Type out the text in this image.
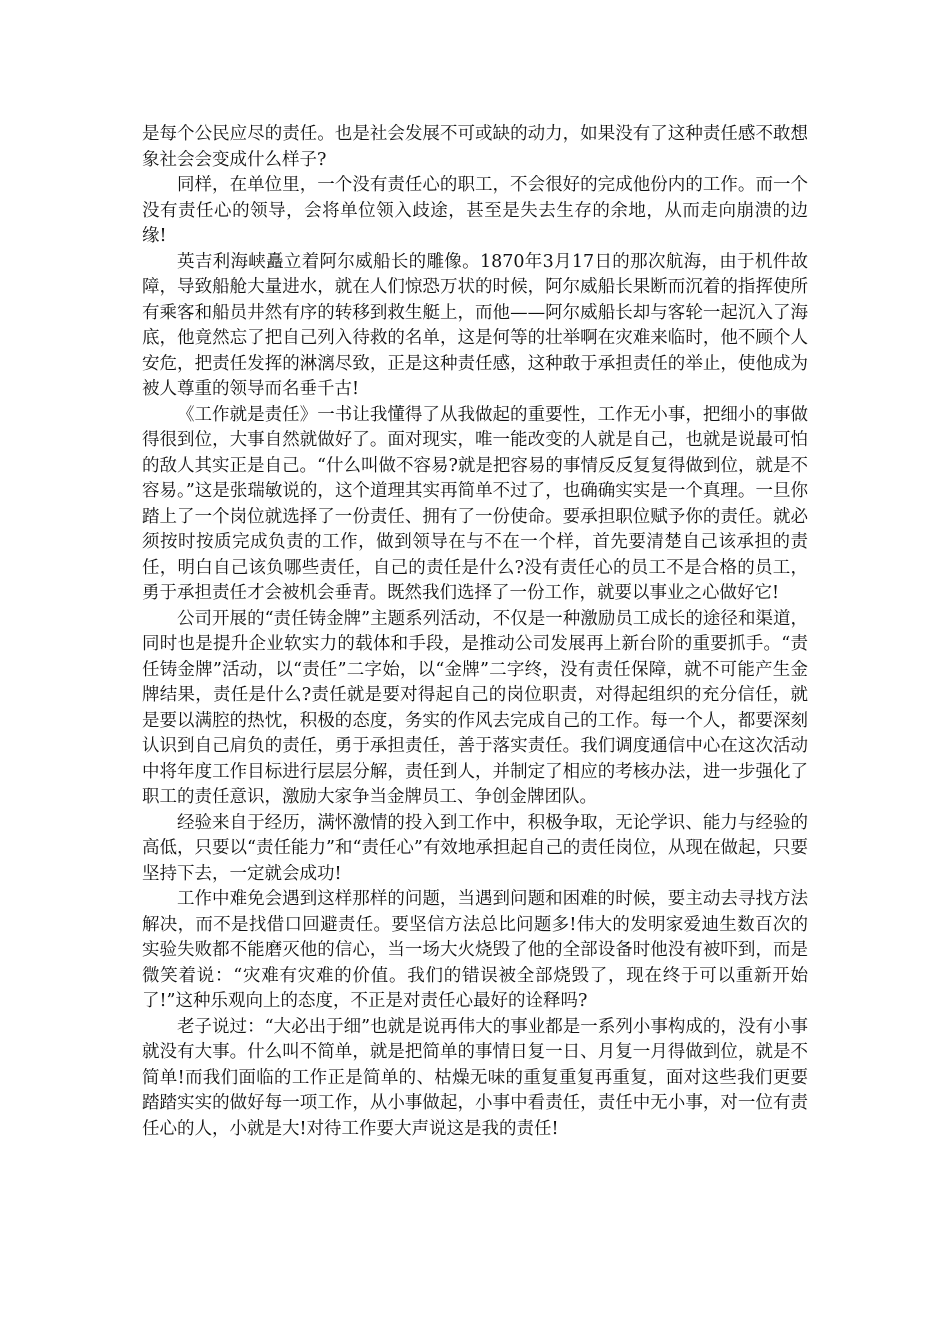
是每个公民应尽的责任。也是社会发展不可或缺的动力，如果没有了这种责任感不敢想象社会会变成什么样子?

同样，在单位里，一个没有责任心的职工，不会很好的完成他份内的工作。而一个没有责任心的领导，会将单位领入歧途，甚至是失去生存的余地，从而走向崩溃的边缘!

英吉利海峡矗立着阿尔威船长的雕像。1870年3月17日的那次航海，由于机件故障，导致船舱大量进水，就在人们惊恐万状的时候，阿尔威船长果断而沉着的指挥使所有乘客和船员井然有序的转移到救生艇上，而他——阿尔威船长却与客轮一起沉入了海底，他竟然忘了把自己列入待救的名单，这是何等的壮举啊在灾难来临时，他不顾个人安危，把责任发挥的淋漓尽致，正是这种责任感，这种敢于承担责任的举止，使他成为被人尊重的领导而名垂千古!

《工作就是责任》一书让我懂得了从我做起的重要性，工作无小事，把细小的事做得很到位，大事自然就做好了。面对现实，唯一能改变的人就是自己，也就是说最可怕的敌人其实正是自己。“什么叫做不容易?就是把容易的事情反反复复得做到位，就是不容易。”这是张瑞敏说的，这个道理其实再简单不过了，也确确实实是一个真理。一旦你踏上了一个岗位就选择了一份责任、拥有了一份使命。要承担职位赋予你的责任。就必须按时按质完成负责的工作，做到领导在与不在一个样，首先要清楚自己该承担的责任，明白自己该负哪些责任，自己的责任是什么?没有责任心的员工不是合格的员工，勇于承担责任才会被机会垂青。既然我们选择了一份工作，就要以事业之心做好它!

公司开展的“责任铸金牌”主题系列活动，不仅是一种激励员工成长的途径和渠道，同时也是提升企业软实力的载体和手段，是推动公司发展再上新台阶的重要抓手。“责任铸金牌”活动，以“责任”二字始，以“金牌”二字终，没有责任保障，就不可能产生金牌结果，责任是什么?责任就是要对得起自己的岗位职责，对得起组织的充分信任，就是要以满腔的热忱，积极的态度，务实的作风去完成自己的工作。每一个人，都要深刻认识到自己肩负的责任，勇于承担责任，善于落实责任。我们调度通信中心在这次活动中将年度工作目标进行层层分解，责任到人，并制定了相应的考核办法，进一步强化了职工的责任意识，激励大家争当金牌员工、争创金牌团队。

经验来自于经历，满怀激情的投入到工作中，积极争取，无论学识、能力与经验的高低，只要以“责任能力”和“责任心”有效地承担起自己的责任岗位，从现在做起，只要坚持下去，一定就会成功!

工作中难免会遇到这样那样的问题，当遇到问题和困难的时候，要主动去寻找方法解决，而不是找借口回避责任。要坚信方法总比问题多!伟大的发明家爱迪生数百次的实验失败都不能磨灭他的信心，当一场大火烧毁了他的全部设备时他没有被吓到，而是微笑着说：“灾难有灾难的价值。我们的错误被全部烧毁了，现在终于可以重新开始了!”这种乐观向上的态度，不正是对责任心最好的诠释吗?

老子说过：“大必出于细”也就是说再伟大的事业都是一系列小事构成的，没有小事就没有大事。什么叫不简单，就是把简单的事情日复一日、月复一月得做到位，就是不简单!而我们面临的工作正是简单的、枯燥无味的重复重复再重复，面对这些我们更要踏踏实实的做好每一项工作，从小事做起，小事中看责任，责任中无小事，对一位有责任心的人，小就是大!对待工作要大声说这是我的责任!
